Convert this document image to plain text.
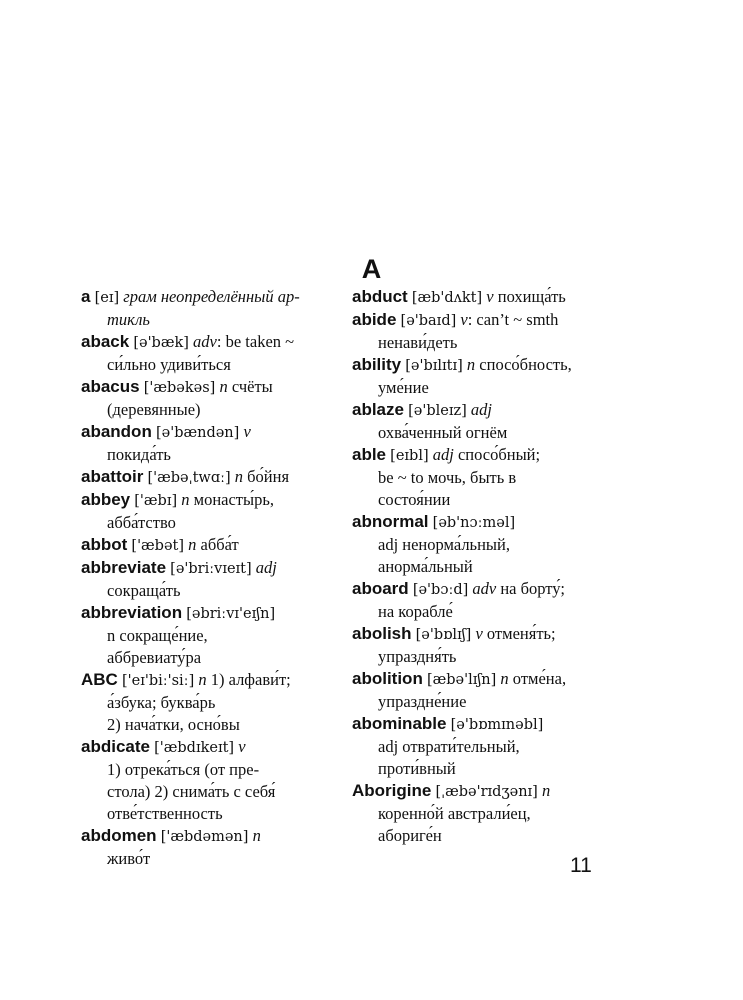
A

a [eɪ] грам неопределённый ар-
тикль

aback [ə'bæk] adv: be taken ~
си́льно удиви́ться

abacus ['æbəkəs] n счёты
(деревянные)

abandon [ə'bændən] v
покида́ть

abattoir ['æbəˌtwɑː] n бо́йня

abbey ['æbɪ] n монасты́рь,
абба́тство

abbot ['æbət] n абба́т

abbreviate [ə'briːvɪeɪt] adj
сокраща́ть

abbreviation [əbriːvɪ'eɪʃn]
n сокраще́ние,
аббревиату́ра

ABC ['eɪ'biː'siː] n 1) алфави́т;
а́збука; буква́рь
2) нача́тки, осно́вы

abdicate ['æbdɪkeɪt] v
1) отрека́ться (от пре-
стола) 2) снима́ть с себя́
отве́тственность

abdomen ['æbdəmən] n
живо́т

abduct [æb'dʌkt] v похища́ть

abide [ə'baɪd] v: can’t ~ smth
ненави́деть

ability [ə'bɪlɪtɪ] n спосо́бность,
уме́ние

ablaze [ə'bleɪz] adj
охва́ченный огнём

able [eɪbl] adj спосо́бный;
be ~ to мочь, быть в
состоя́нии

abnormal [əb'nɔːməl]
adj ненорма́льный,
анорма́льный

aboard [ə'bɔːd] adv на борту́;
на корабле́

abolish [ə'bɒlɪʃ] v отменя́ть;
упраздня́ть

abolition [æbə'lɪʃn] n отме́на,
упраздне́ние

abominable [ə'bɒmɪnəbl]
adj отврати́тельный,
проти́вный

Aborigine [ˌæbə'rɪdʒənɪ] n
коренно́й австрали́ец,
абориге́н

11
